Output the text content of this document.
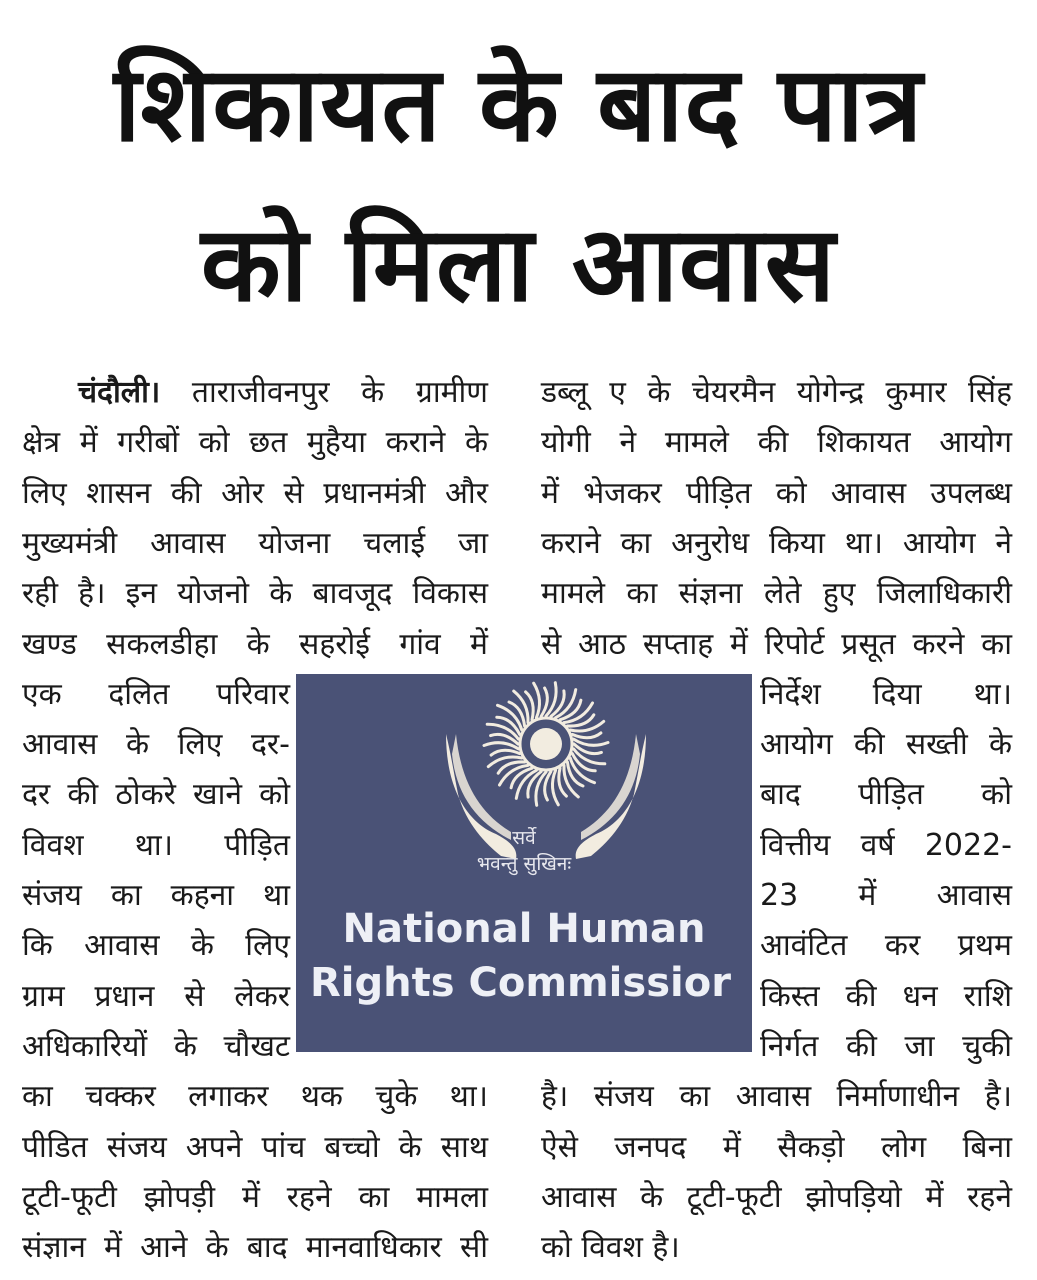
शिकायत के बाद पात्र
को मिला आवास
चंदौली। ताराजीवनपुर के ग्रामीण
क्षेत्र में गरीबों को छत मुहैया कराने के
लिए शासन की ओर से प्रधानमंत्री और
मुख्यमंत्री आवास योजना चलाई जा
रही है। इन योजनो के बावजूद विकास
खण्ड सकलडीहा के सहरोई गांव में
एक दलित परिवार
आवास के लिए दर-
दर की ठोकरे खाने को
विवश था। पीड़ित
संजय का कहना था
कि आवास के लिए
ग्राम प्रधान से लेकर
अधिकारियों के चौखट
का चक्कर लगाकर थक चुके था।
पीडित संजय अपने पांच बच्चो के साथ
टूटी-फूटी झोपड़ी में रहने का मामला
संज्ञान में आने के बाद मानवाधिकार सी
डब्लू ए के चेयरमैन योगेन्द्र कुमार सिंह
योगी ने मामले की शिकायत आयोग
में भेजकर पीड़ित को आवास उपलब्ध
कराने का अनुरोध किया था। आयोग ने
मामले का संज्ञना लेते हुए जिलाधिकारी
से आठ सप्ताह में रिपोर्ट प्रसूत करने का
निर्देश दिया था।
आयोग की सख्ती के
बाद पीड़ित को
वित्तीय वर्ष 2022-
23 में आवास
आवंटित कर प्रथम
किस्त की धन राशि
निर्गत की जा चुकी
है। संजय का आवास निर्माणाधीन है।
ऐसे जनपद में सैकड़ो लोग बिना
आवास के टूटी-फूटी झोपड़ियो में रहने
को विवश है।
सर्वे
भवन्तु सुखिनः
National Human
Rights Commissior
